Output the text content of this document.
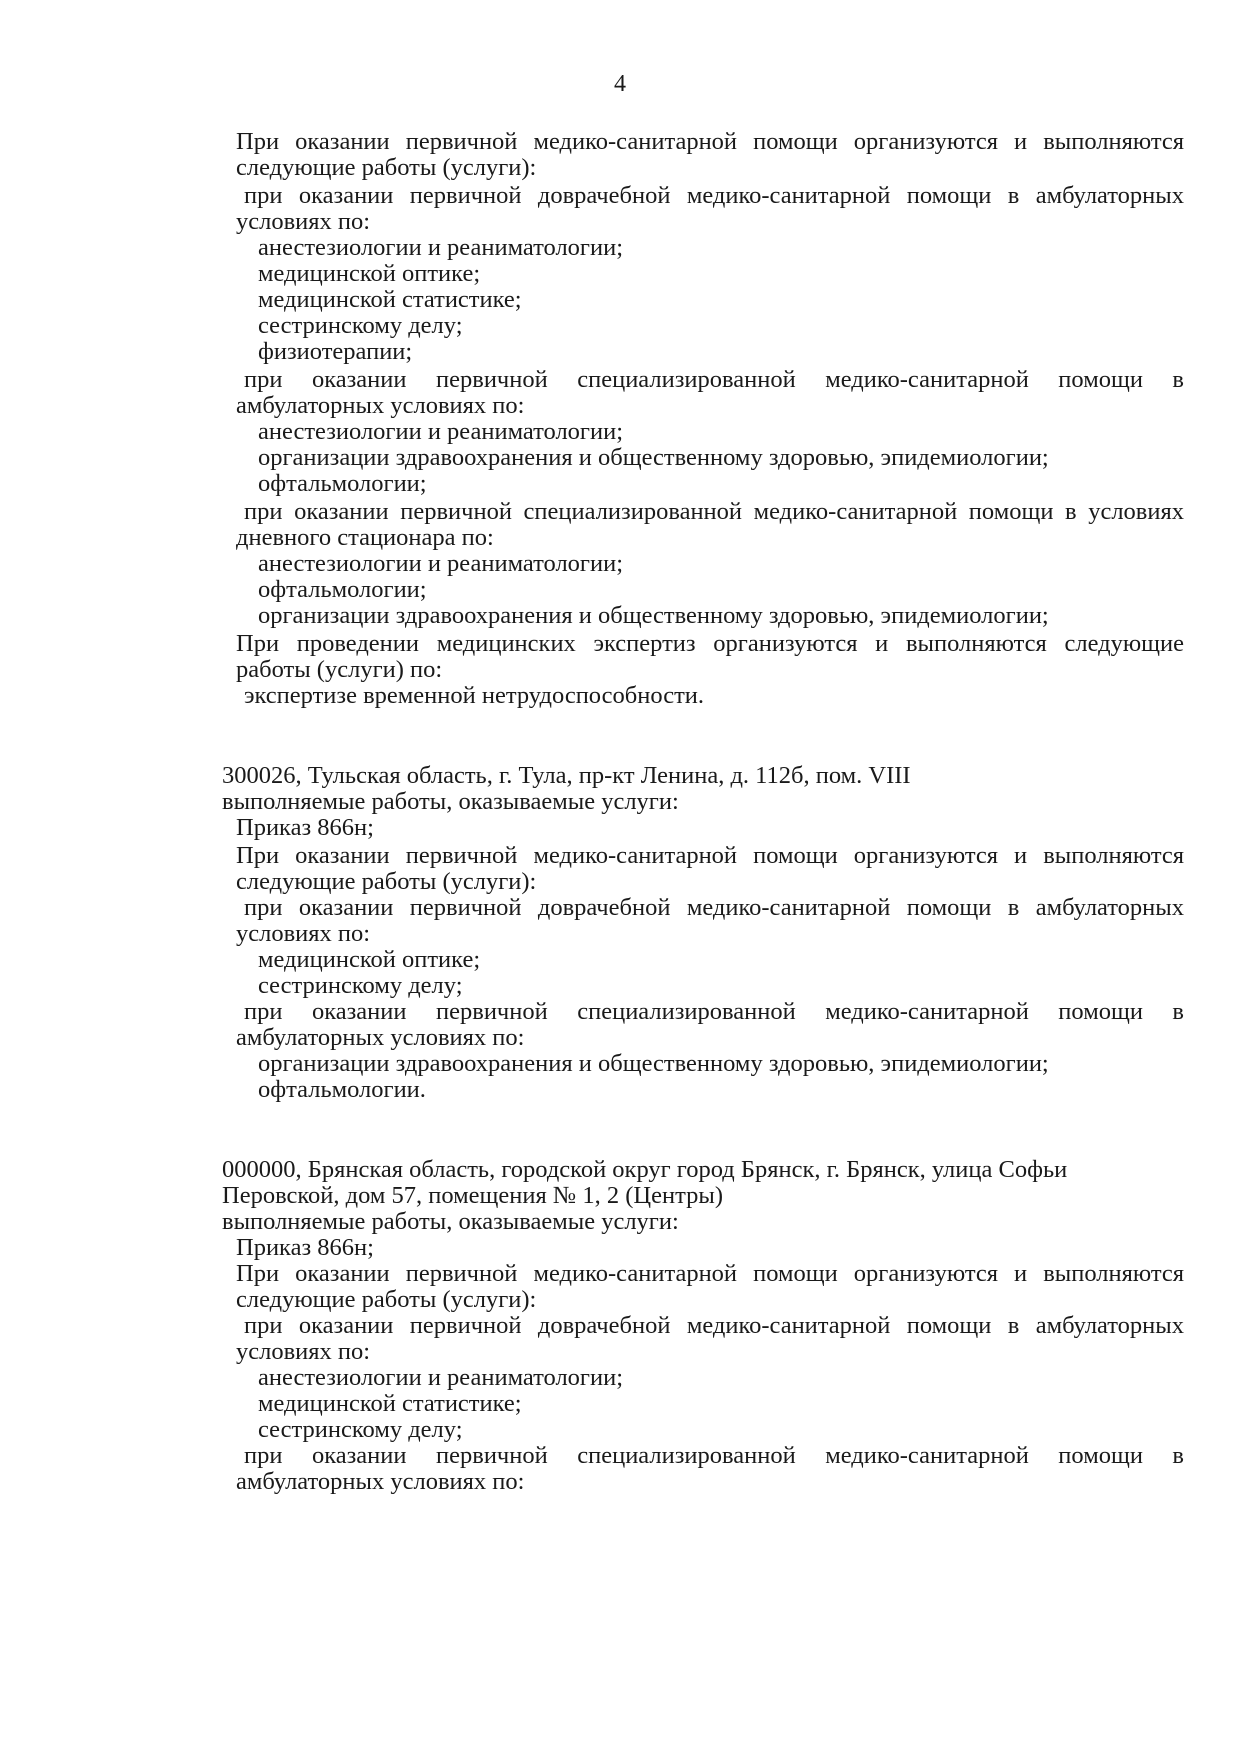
4
При оказании первичной медико-санитарной помощи организуются и выполняются
следующие работы (услуги):
при оказании первичной доврачебной медико-санитарной помощи в амбулаторных
условиях по:
анестезиологии и реаниматологии;
медицинской оптике;
медицинской статистике;
сестринскому делу;
физиотерапии;
при оказании первичной специализированной медико-санитарной помощи в
амбулаторных условиях по:
анестезиологии и реаниматологии;
организации здравоохранения и общественному здоровью, эпидемиологии;
офтальмологии;
при оказании первичной специализированной медико-санитарной помощи в условиях
дневного стационара по:
анестезиологии и реаниматологии;
офтальмологии;
организации здравоохранения и общественному здоровью, эпидемиологии;
При проведении медицинских экспертиз организуются и выполняются следующие
работы (услуги) по:
экспертизе временной нетрудоспособности.
300026, Тульская область, г. Тула, пр-кт Ленина, д. 112б, пом. VIII
выполняемые работы, оказываемые услуги:
Приказ 866н;
При оказании первичной медико-санитарной помощи организуются и выполняются
следующие работы (услуги):
при оказании первичной доврачебной медико-санитарной помощи в амбулаторных
условиях по:
медицинской оптике;
сестринскому делу;
при оказании первичной специализированной медико-санитарной помощи в
амбулаторных условиях по:
организации здравоохранения и общественному здоровью, эпидемиологии;
офтальмологии.
000000, Брянская область, городской округ город Брянск, г. Брянск, улица Софьи
Перовской, дом 57, помещения № 1, 2 (Центры)
выполняемые работы, оказываемые услуги:
Приказ 866н;
При оказании первичной медико-санитарной помощи организуются и выполняются
следующие работы (услуги):
при оказании первичной доврачебной медико-санитарной помощи в амбулаторных
условиях по:
анестезиологии и реаниматологии;
медицинской статистике;
сестринскому делу;
при оказании первичной специализированной медико-санитарной помощи в
амбулаторных условиях по:
